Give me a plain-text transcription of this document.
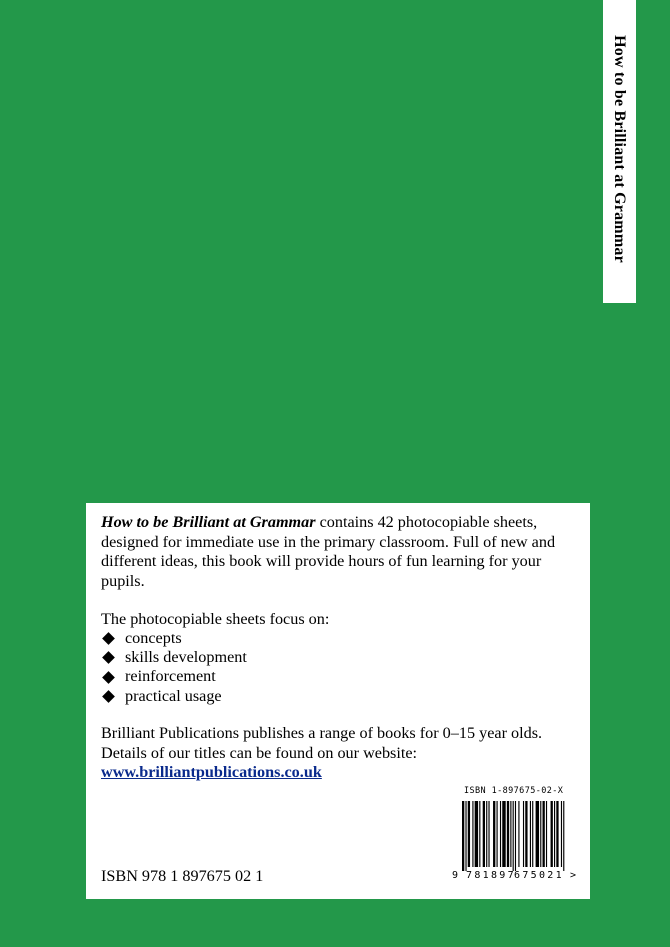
How to be Brilliant at Grammar

How to be Brilliant at Grammar contains 42 photocopiable sheets, designed for immediate use in the primary classroom. Full of new and different ideas, this book will provide hours of fun learning for your pupils.

The photocopiable sheets focus on:

concepts
skills development
reinforcement
practical usage

Brilliant Publications publishes a range of books for 0–15 year olds. Details of our titles can be found on our website:
www.brilliantpublications.co.uk

ISBN 978 1 897675 02 1
ISBN 1-897675-02-X
9 781897
675021 >
